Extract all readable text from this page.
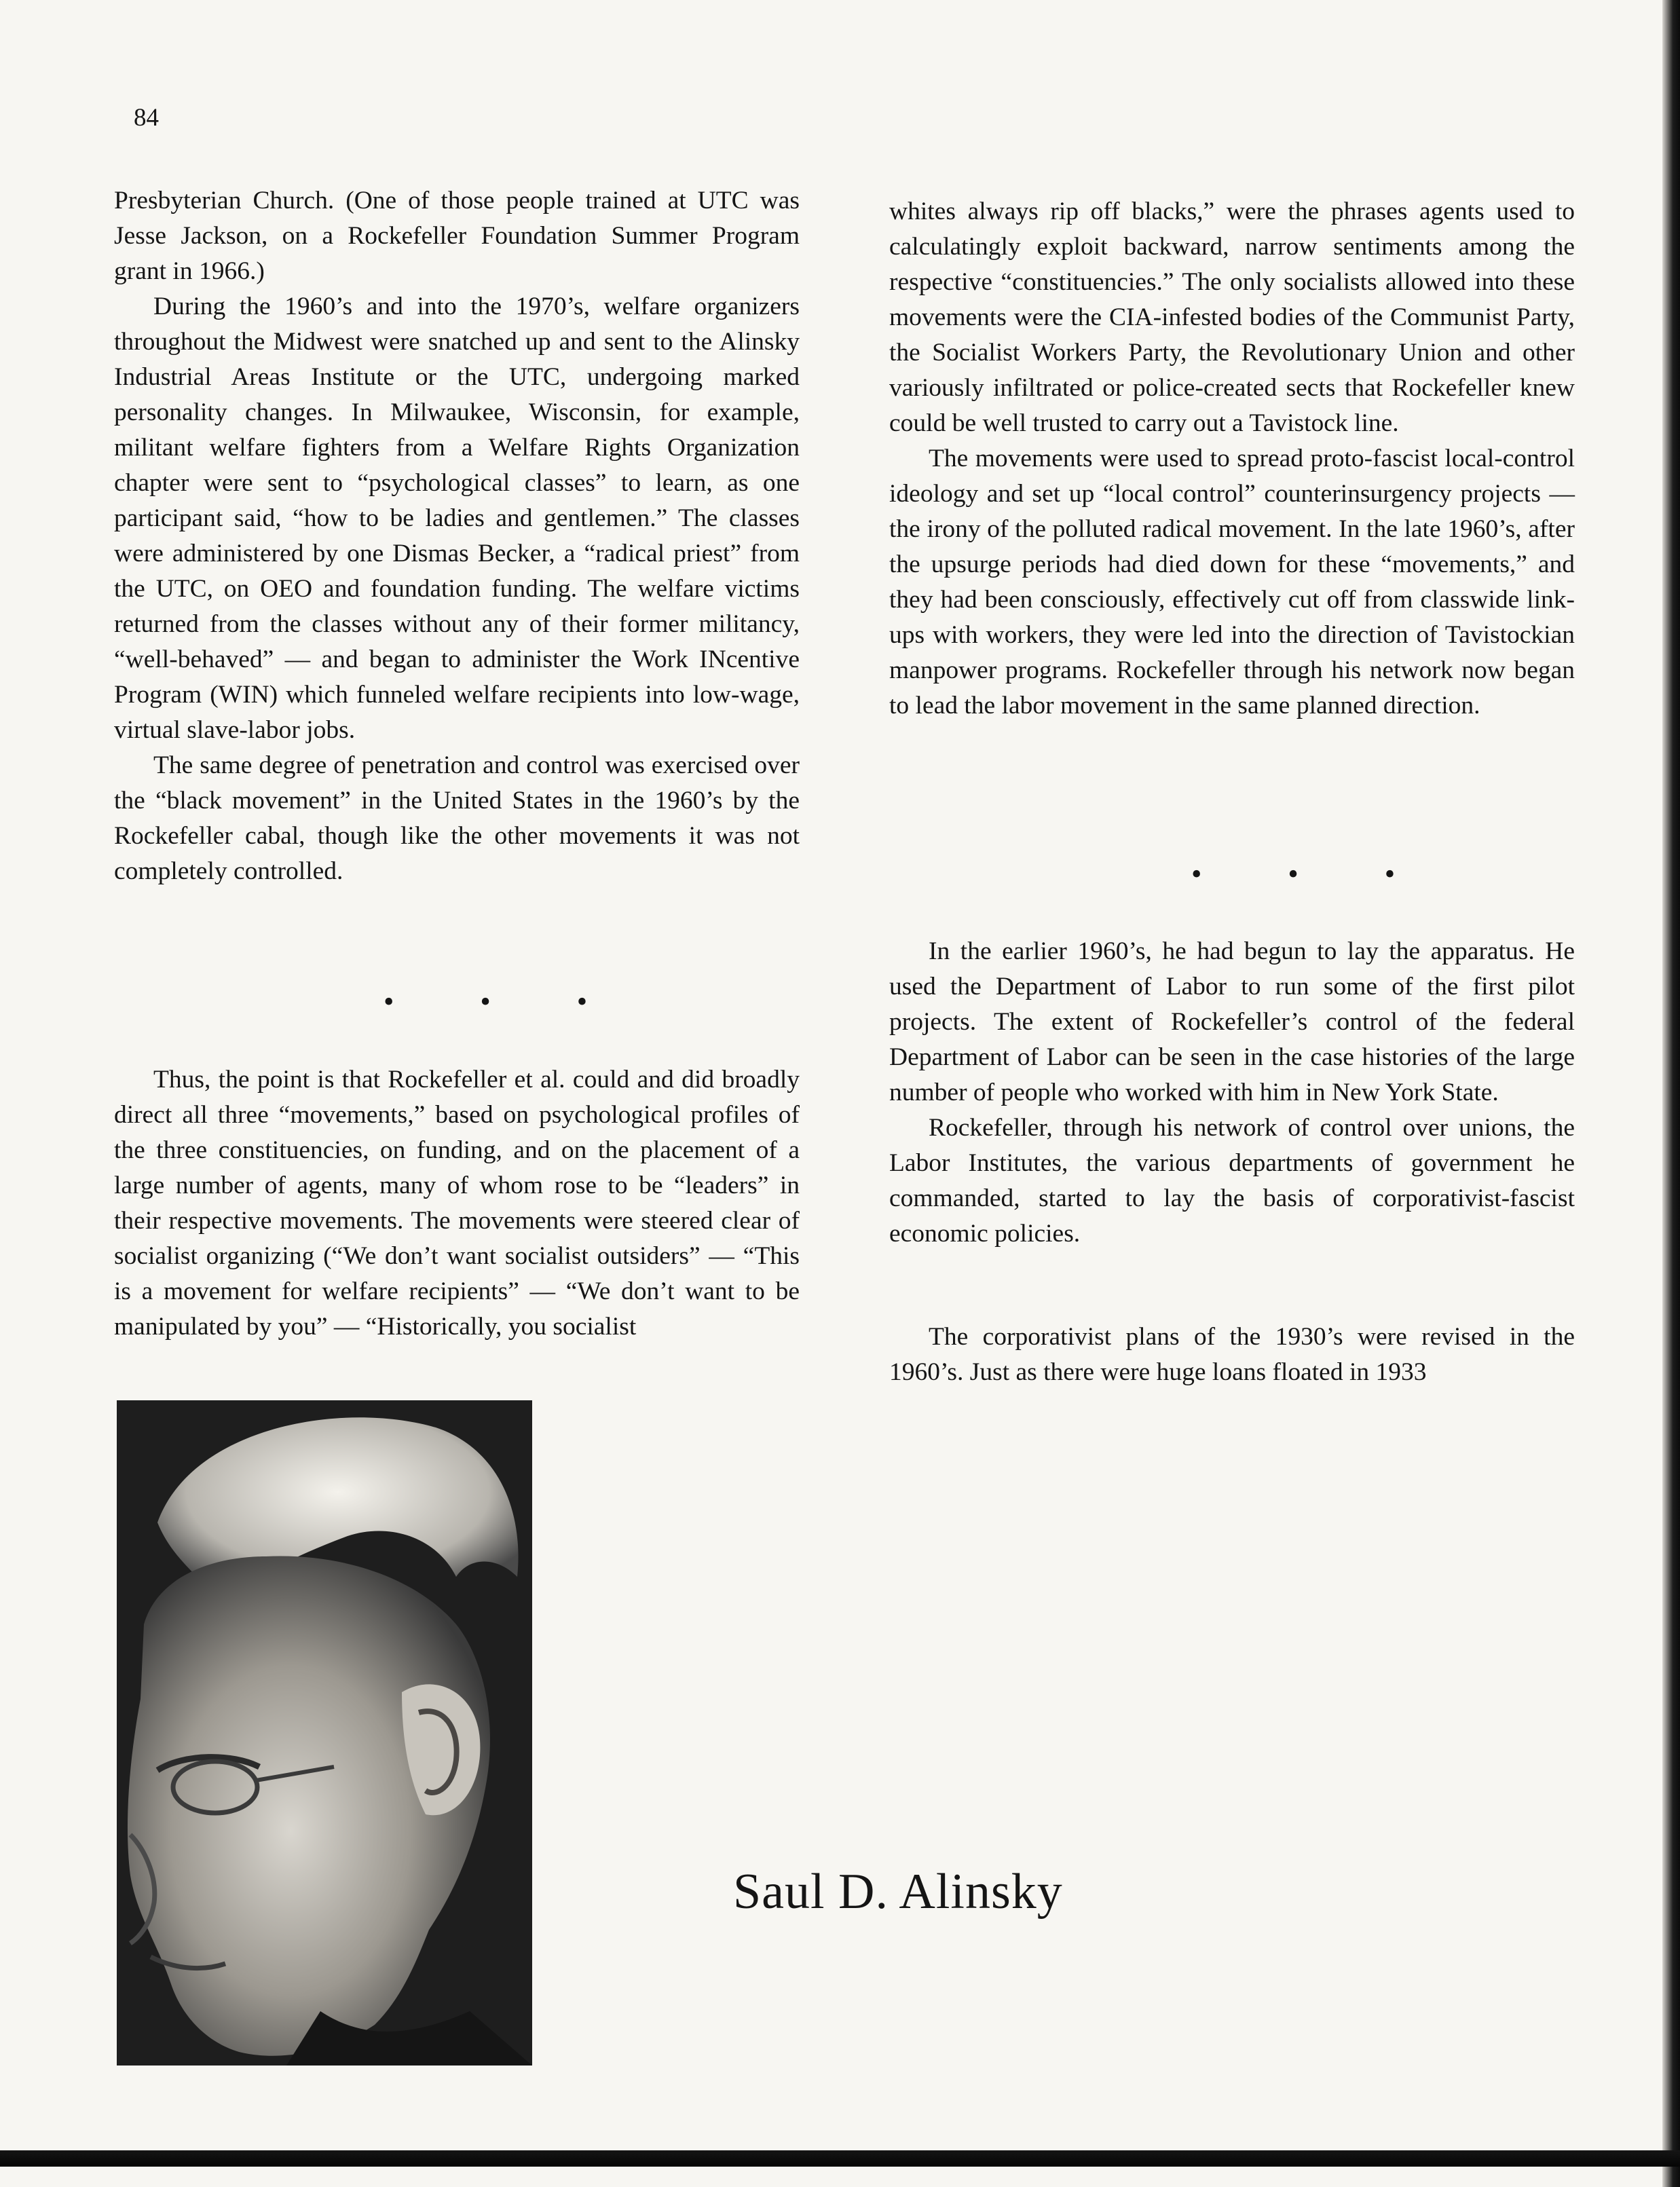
84

Presbyterian Church. (One of those people trained at UTC was Jesse Jackson, on a Rockefeller Foundation Summer Program grant in 1966.)

During the 1960’s and into the 1970’s, welfare organizers throughout the Midwest were snatched up and sent to the Alinsky Industrial Areas Institute or the UTC, undergoing marked personality changes. In Milwaukee, Wisconsin, for example, militant welfare fighters from a Welfare Rights Organization chapter were sent to “psychological classes” to learn, as one participant said, “how to be ladies and gentlemen.” The classes were administered by one Dismas Becker, a “radical priest” from the UTC, on OEO and foundation funding. The welfare victims returned from the classes without any of their former militancy, “well-behaved” — and began to administer the Work INcentive Program (WIN) which funneled welfare recipients into low-wage, virtual slave-labor jobs.

The same degree of penetration and control was exercised over the “black movement” in the United States in the 1960’s by the Rockefeller cabal, though like the other movements it was not completely controlled.

• • •

Thus, the point is that Rockefeller et al. could and did broadly direct all three “movements,” based on psychological profiles of the three constituencies, on funding, and on the placement of a large number of agents, many of whom rose to be “leaders” in their respective movements. The movements were steered clear of socialist organizing (“We don’t want socialist outsiders” — “This is a movement for welfare recipients” — “We don’t want to be manipulated by you” — “Historically, you socialist

whites always rip off blacks,” were the phrases agents used to calculatingly exploit backward, narrow sentiments among the respective “constituencies.” The only socialists allowed into these movements were the CIA-infested bodies of the Communist Party, the Socialist Workers Party, the Revolutionary Union and other variously infiltrated or police-created sects that Rockefeller knew could be well trusted to carry out a Tavistock line.

The movements were used to spread proto-fascist local-control ideology and set up “local control” counterinsurgency projects — the irony of the polluted radical movement. In the late 1960’s, after the upsurge periods had died down for these “movements,” and they had been consciously, effectively cut off from classwide link-ups with workers, they were led into the direction of Tavistockian manpower programs. Rockefeller through his network now began to lead the labor movement in the same planned direction.

• • •

In the earlier 1960’s, he had begun to lay the apparatus. He used the Department of Labor to run some of the first pilot projects. The extent of Rockefeller’s control of the federal Department of Labor can be seen in the case histories of the large number of people who worked with him in New York State.

Rockefeller, through his network of control over unions, the Labor Institutes, the various departments of government he commanded, started to lay the basis of corporativist-fascist economic policies.

The corporativist plans of the 1930’s were revised in the 1960’s. Just as there were huge loans floated in 1933

Saul D. Alinsky
